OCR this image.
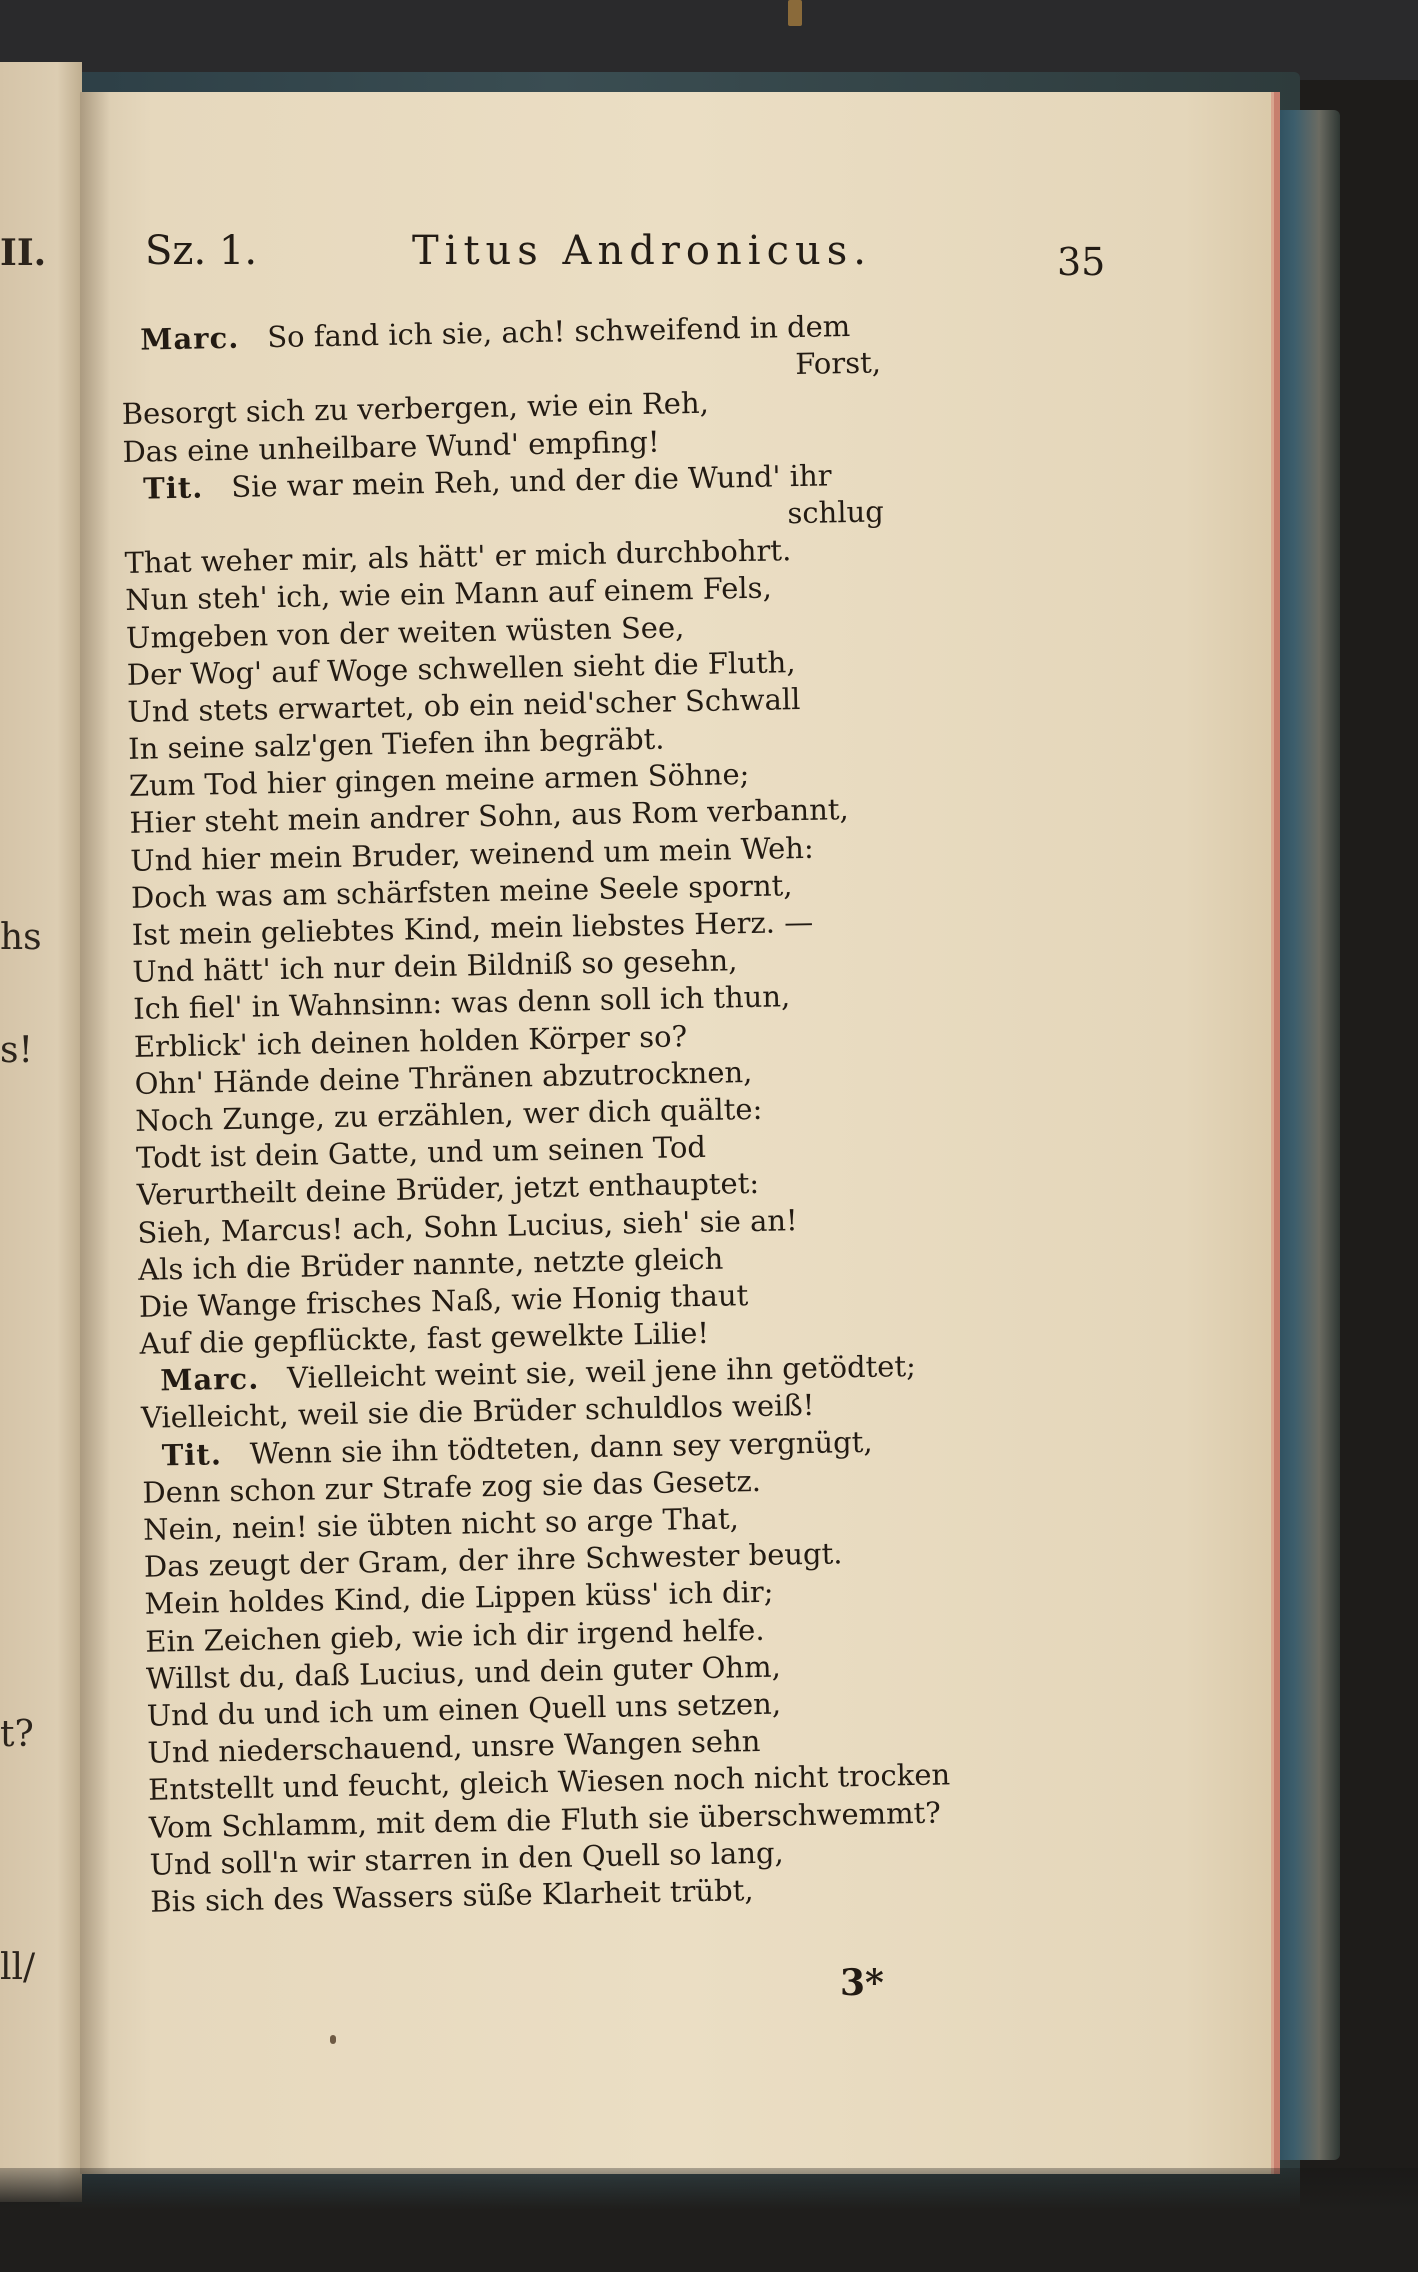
II.
hs
s!
t?
ll/
Sz. 1.	Titus Andronicus.	35
Marc. So fand ich sie, ach! schweifend in dem
Forst,
Besorgt sich zu verbergen, wie ein Reh,
Das eine unheilbare Wund' empfing!
Tit. Sie war mein Reh, und der die Wund' ihr
schlug
That weher mir, als hätt' er mich durchbohrt.
Nun steh' ich, wie ein Mann auf einem Fels,
Umgeben von der weiten wüsten See,
Der Wog' auf Woge schwellen sieht die Fluth,
Und stets erwartet, ob ein neid'scher Schwall
In seine salz'gen Tiefen ihn begräbt.
Zum Tod hier gingen meine armen Söhne;
Hier steht mein andrer Sohn, aus Rom verbannt,
Und hier mein Bruder, weinend um mein Weh:
Doch was am schärfsten meine Seele spornt,
Ist mein geliebtes Kind, mein liebstes Herz. —
Und hätt' ich nur dein Bildniß so gesehn,
Ich fiel' in Wahnsinn: was denn soll ich thun,
Erblick' ich deinen holden Körper so?
Ohn' Hände deine Thränen abzutrocknen,
Noch Zunge, zu erzählen, wer dich quälte:
Todt ist dein Gatte, und um seinen Tod
Verurtheilt deine Brüder, jetzt enthauptet:
Sieh, Marcus! ach, Sohn Lucius, sieh' sie an!
Als ich die Brüder nannte, netzte gleich
Die Wange frisches Naß, wie Honig thaut
Auf die gepflückte, fast gewelkte Lilie!
Marc. Vielleicht weint sie, weil jene ihn getödtet;
Vielleicht, weil sie die Brüder schuldlos weiß!
Tit. Wenn sie ihn tödteten, dann sey vergnügt,
Denn schon zur Strafe zog sie das Gesetz.
Nein, nein! sie übten nicht so arge That,
Das zeugt der Gram, der ihre Schwester beugt.
Mein holdes Kind, die Lippen küss' ich dir;
Ein Zeichen gieb, wie ich dir irgend helfe.
Willst du, daß Lucius, und dein guter Ohm,
Und du und ich um einen Quell uns setzen,
Und niederschauend, unsre Wangen sehn
Entstellt und feucht, gleich Wiesen noch nicht trocken
Vom Schlamm, mit dem die Fluth sie überschwemmt?
Und soll'n wir starren in den Quell so lang,
Bis sich des Wassers süße Klarheit trübt,
3*
